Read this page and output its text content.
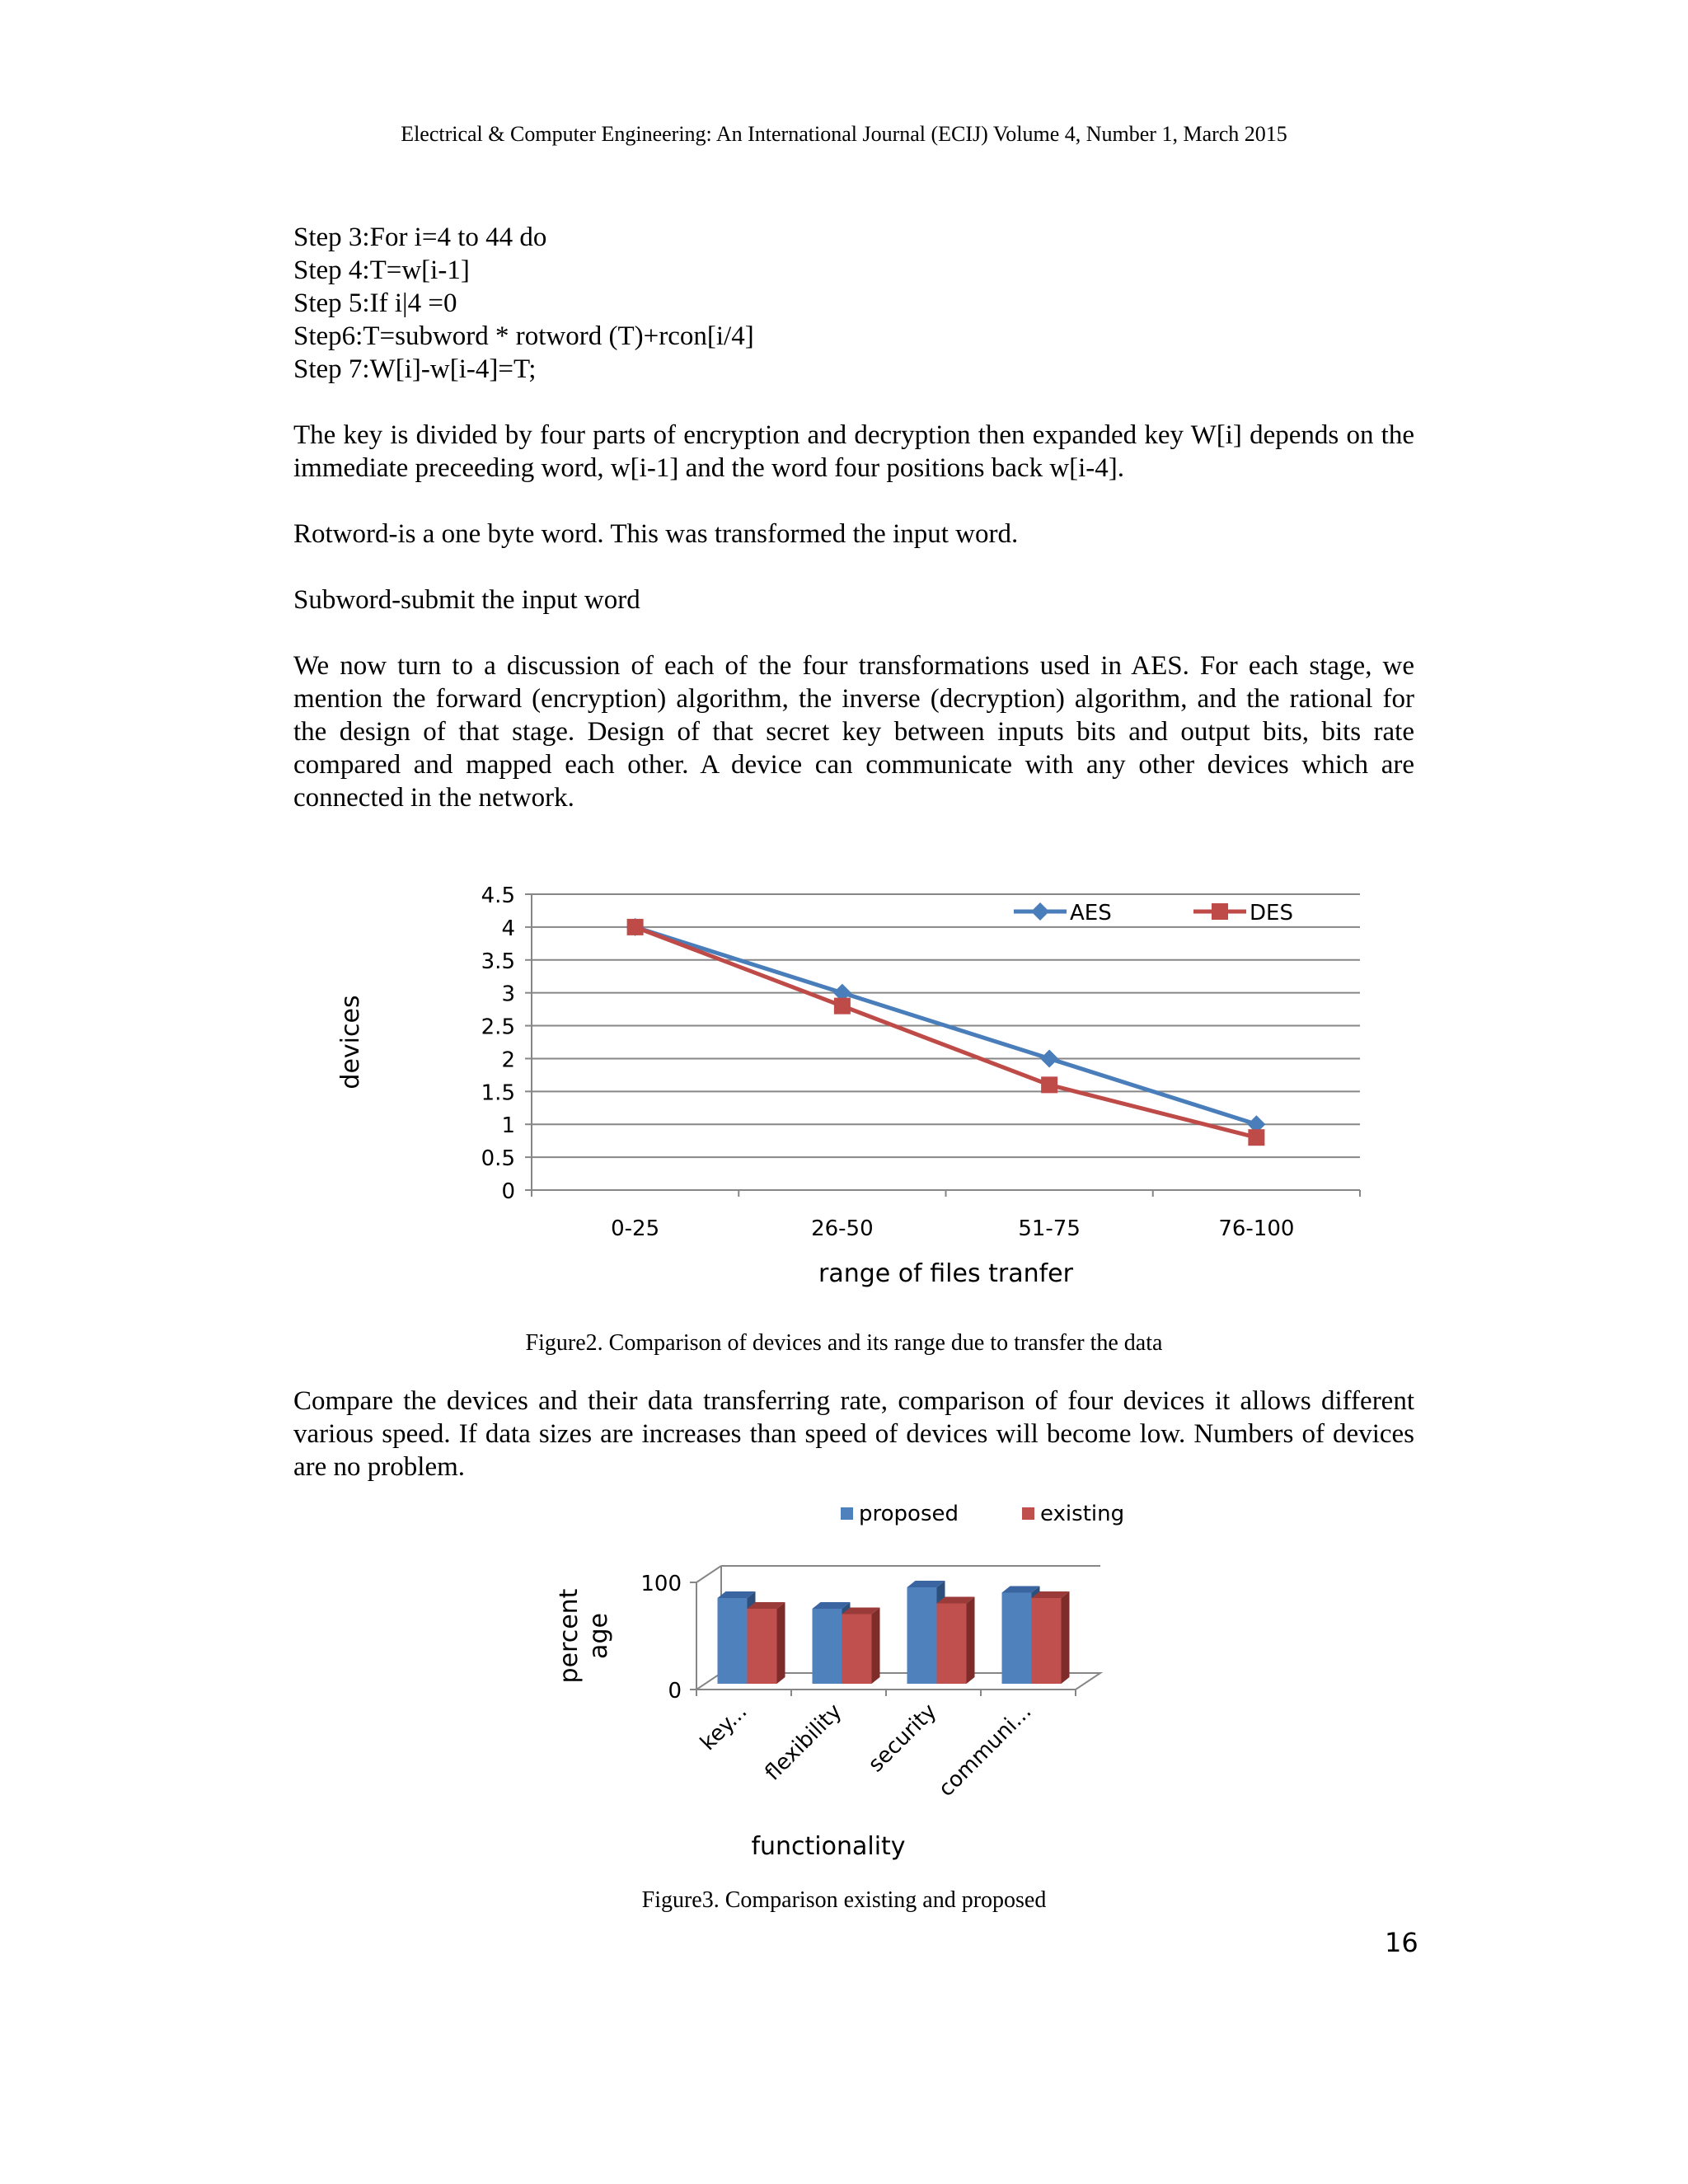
Electrical & Computer Engineering: An International Journal (ECIJ) Volume 4, Number 1, March 2015
Step 3:For i=4 to 44 do
Step 4:T=w[i-1]
Step 5:If i|4 =0
Step6:T=subword * rotword (T)+rcon[i/4]
Step 7:W[i]-w[i-4]=T;
The key is divided by four parts of encryption and decryption then expanded key W[i] depends on the immediate preceeding word, w[i-1] and the word four positions back w[i-4].
Rotword-is a one byte word. This was transformed the input word.
Subword-submit the input word
We now turn to a discussion of each of the four transformations used in AES. For each stage, we mention the forward (encryption) algorithm, the inverse (decryption) algorithm, and the rational for the design of that stage. Design of that secret key between inputs bits and output bits, bits rate compared and mapped each other. A device can communicate with any other devices which are connected in the network.
0
0.5
1
1.5
2
2.5
3
3.5
4
4.5
0-25	26-50	51-75	76-100
AES	DES
range of files tranfer
devices
Figure2. Comparison of devices and its range due to transfer the data
Compare the devices and their data transferring rate, comparison of four devices it allows different various speed. If data sizes are increases than speed of devices will become low. Numbers of devices are no problem.
proposed	existing
0
100
key... flexibility security
communi...
functionality
percent age
Figure3. Comparison existing and proposed
16
